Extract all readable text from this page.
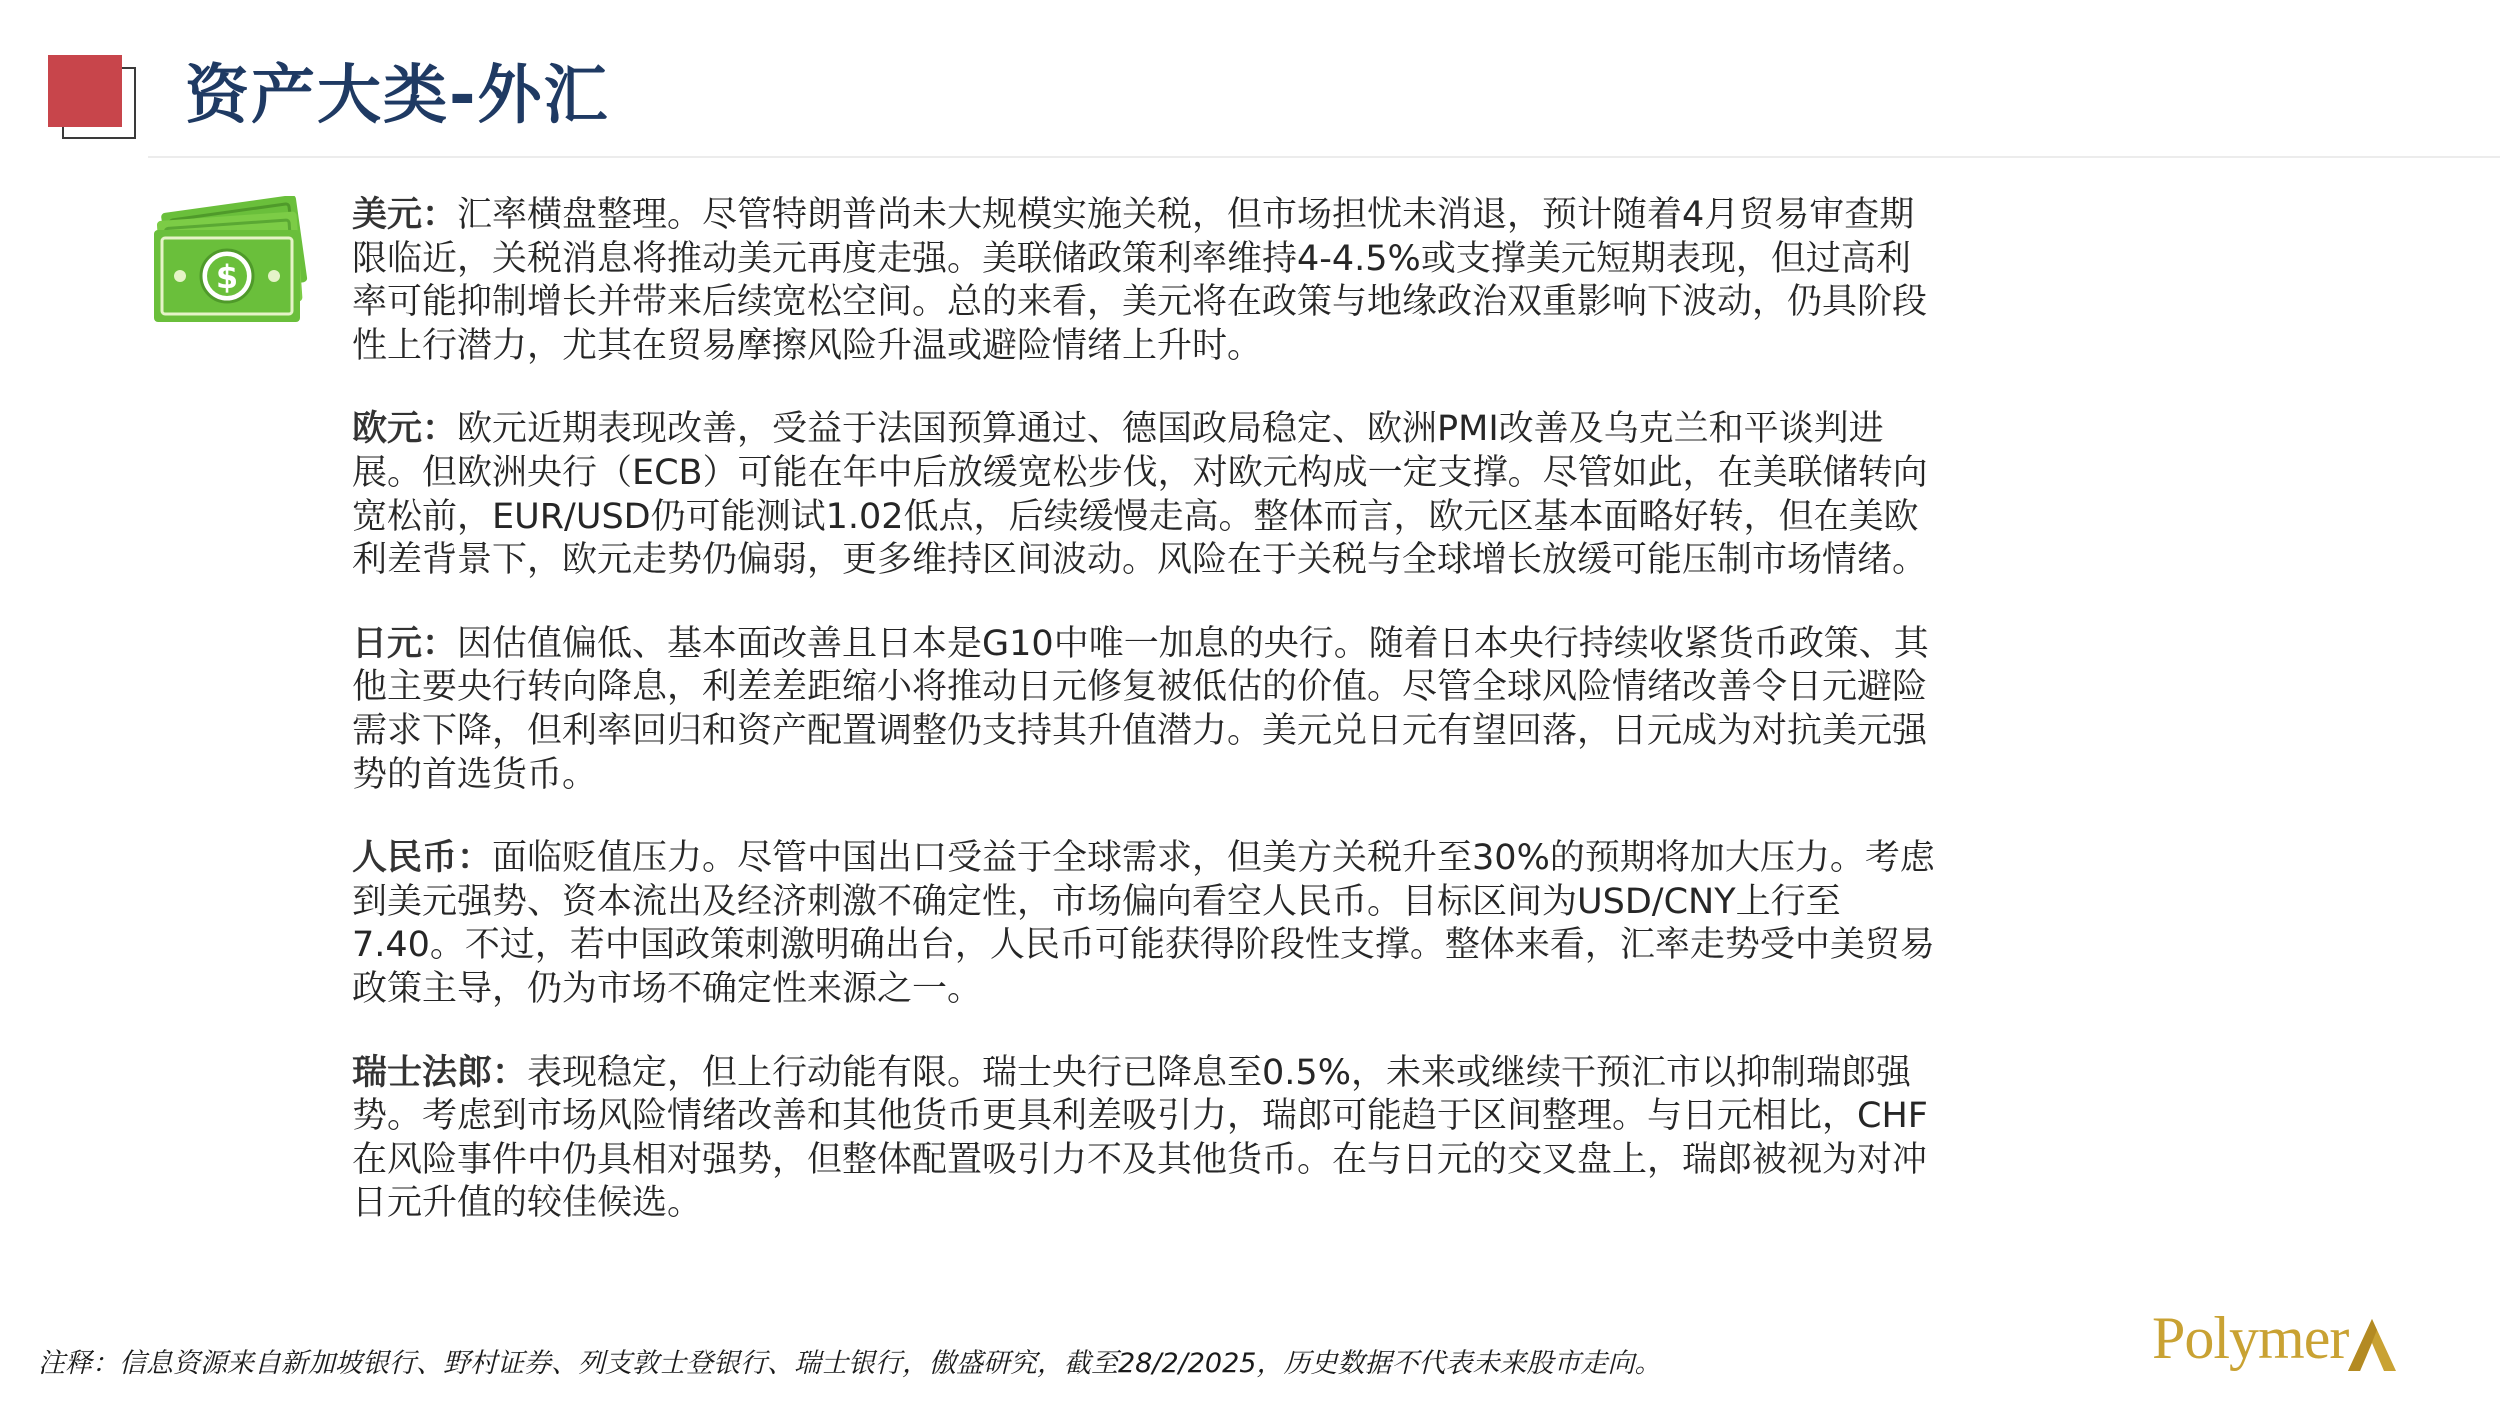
资产大类-外汇
$

美元：汇率横盘整理。尽管特朗普尚未大规模实施关税，但市场担忧未消退，预计随着4月贸易审查期限临近，关税消息将推动美元再度走强。美联储政策利率维持4-4.5%或支撑美元短期表现，但过高利率可能抑制增长并带来后续宽松空间。总的来看，美元将在政策与地缘政治双重影响下波动，仍具阶段性上行潜力，尤其在贸易摩擦风险升温或避险情绪上升时。

欧元：欧元近期表现改善，受益于法国预算通过、德国政局稳定、欧洲PMI改善及乌克兰和平谈判进展。但欧洲央行（ECB）可能在年中后放缓宽松步伐，对欧元构成一定支撑。尽管如此，在美联储转向宽松前，EUR/USD仍可能测试1.02低点，后续缓慢走高。整体而言，欧元区基本面略好转，但在美欧利差背景下，欧元走势仍偏弱，更多维持区间波动。风险在于关税与全球增长放缓可能压制市场情绪。

日元：因估值偏低、基本面改善且日本是G10中唯一加息的央行。随着日本央行持续收紧货币政策、其他主要央行转向降息，利差差距缩小将推动日元修复被低估的价值。尽管全球风险情绪改善令日元避险需求下降，但利率回归和资产配置调整仍支持其升值潜力。美元兑日元有望回落，日元成为对抗美元强势的首选货币。

人民币：面临贬值压力。尽管中国出口受益于全球需求，但美方关税升至30%的预期将加大压力。考虑到美元强势、资本流出及经济刺激不确定性，市场偏向看空人民币。目标区间为USD/CNY上行至7.40。不过，若中国政策刺激明确出台，人民币可能获得阶段性支撑。整体来看，汇率走势受中美贸易政策主导，仍为市场不确定性来源之一。

瑞士法郎：表现稳定，但上行动能有限。瑞士央行已降息至0.5%，未来或继续干预汇市以抑制瑞郎强势。考虑到市场风险情绪改善和其他货币更具利差吸引力，瑞郎可能趋于区间整理。与日元相比，CHF在风险事件中仍具相对强势，但整体配置吸引力不及其他货币。在与日元的交叉盘上，瑞郎被视为对冲日元升值的较佳候选。

注释：信息资源来自新加坡银行、野村证券、列支敦士登银行、瑞士银行，傲盛研究，截至28/2/2025，历史数据不代表未来股市走向。	Polymer
